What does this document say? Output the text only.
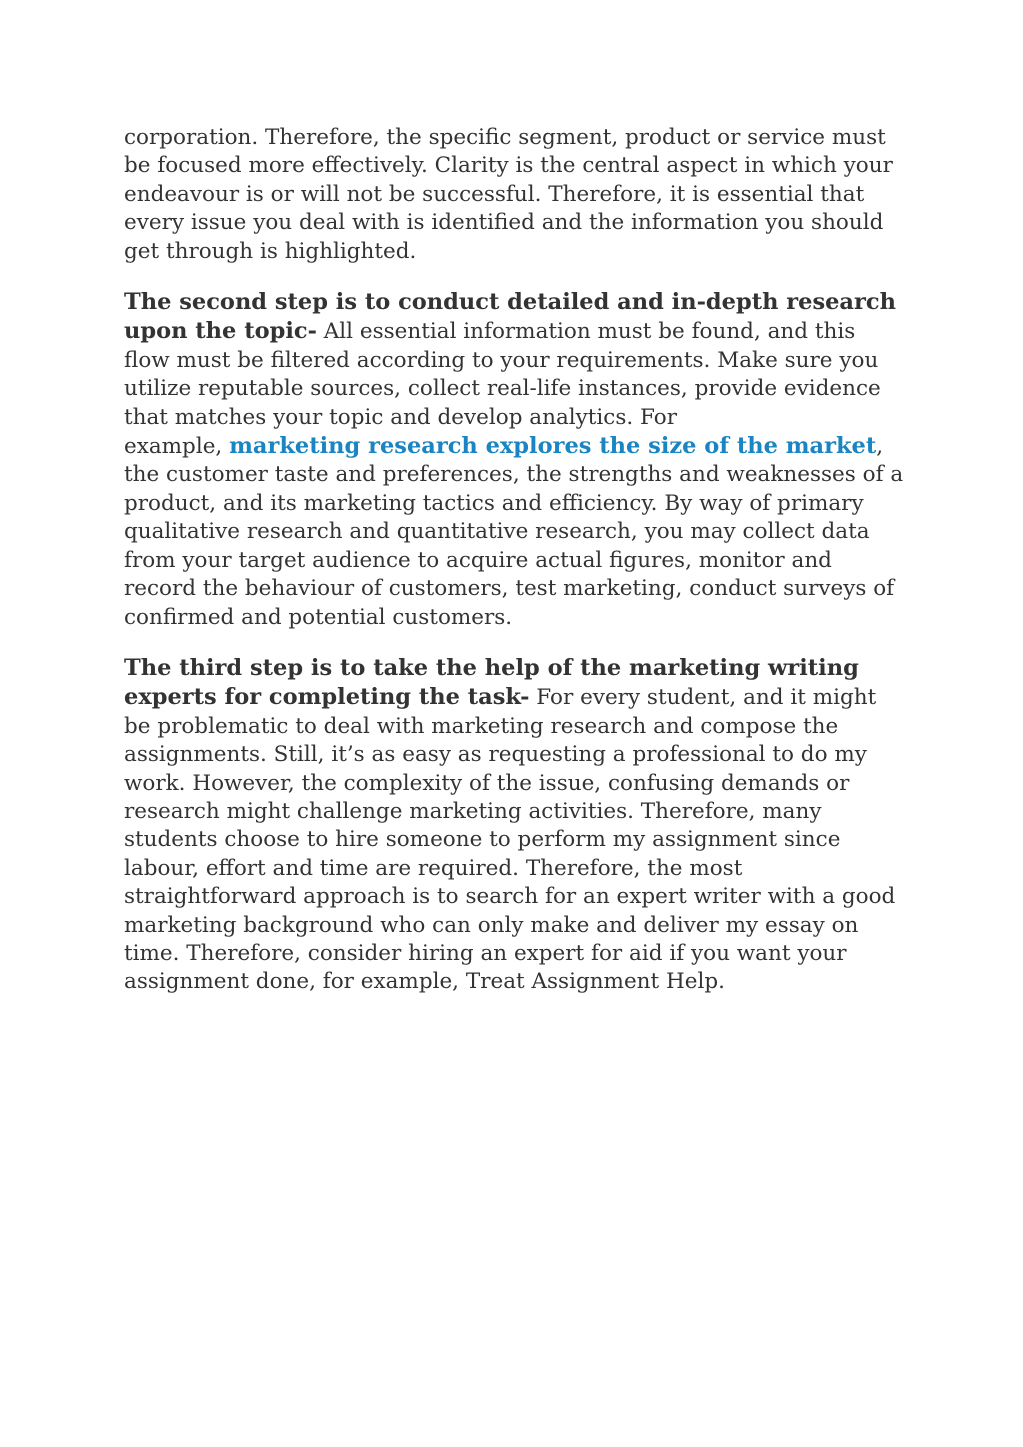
corporation. Therefore, the specific segment, product or service must
be focused more effectively. Clarity is the central aspect in which your
endeavour is or will not be successful. Therefore, it is essential that
every issue you deal with is identified and the information you should
get through is highlighted.

The second step is to conduct detailed and in-depth research
upon the topic- All essential information must be found, and this
flow must be filtered according to your requirements. Make sure you
utilize reputable sources, collect real-life instances, provide evidence
that matches your topic and develop analytics. For
example, marketing research explores the size of the market,
the customer taste and preferences, the strengths and weaknesses of a
product, and its marketing tactics and efficiency. By way of primary
qualitative research and quantitative research, you may collect data
from your target audience to acquire actual figures, monitor and
record the behaviour of customers, test marketing, conduct surveys of
confirmed and potential customers.

The third step is to take the help of the marketing writing
experts for completing the task- For every student, and it might
be problematic to deal with marketing research and compose the
assignments. Still, it’s as easy as requesting a professional to do my
work. However, the complexity of the issue, confusing demands or
research might challenge marketing activities. Therefore, many
students choose to hire someone to perform my assignment since
labour, effort and time are required. Therefore, the most
straightforward approach is to search for an expert writer with a good
marketing background who can only make and deliver my essay on
time. Therefore, consider hiring an expert for aid if you want your
assignment done, for example, Treat Assignment Help.
